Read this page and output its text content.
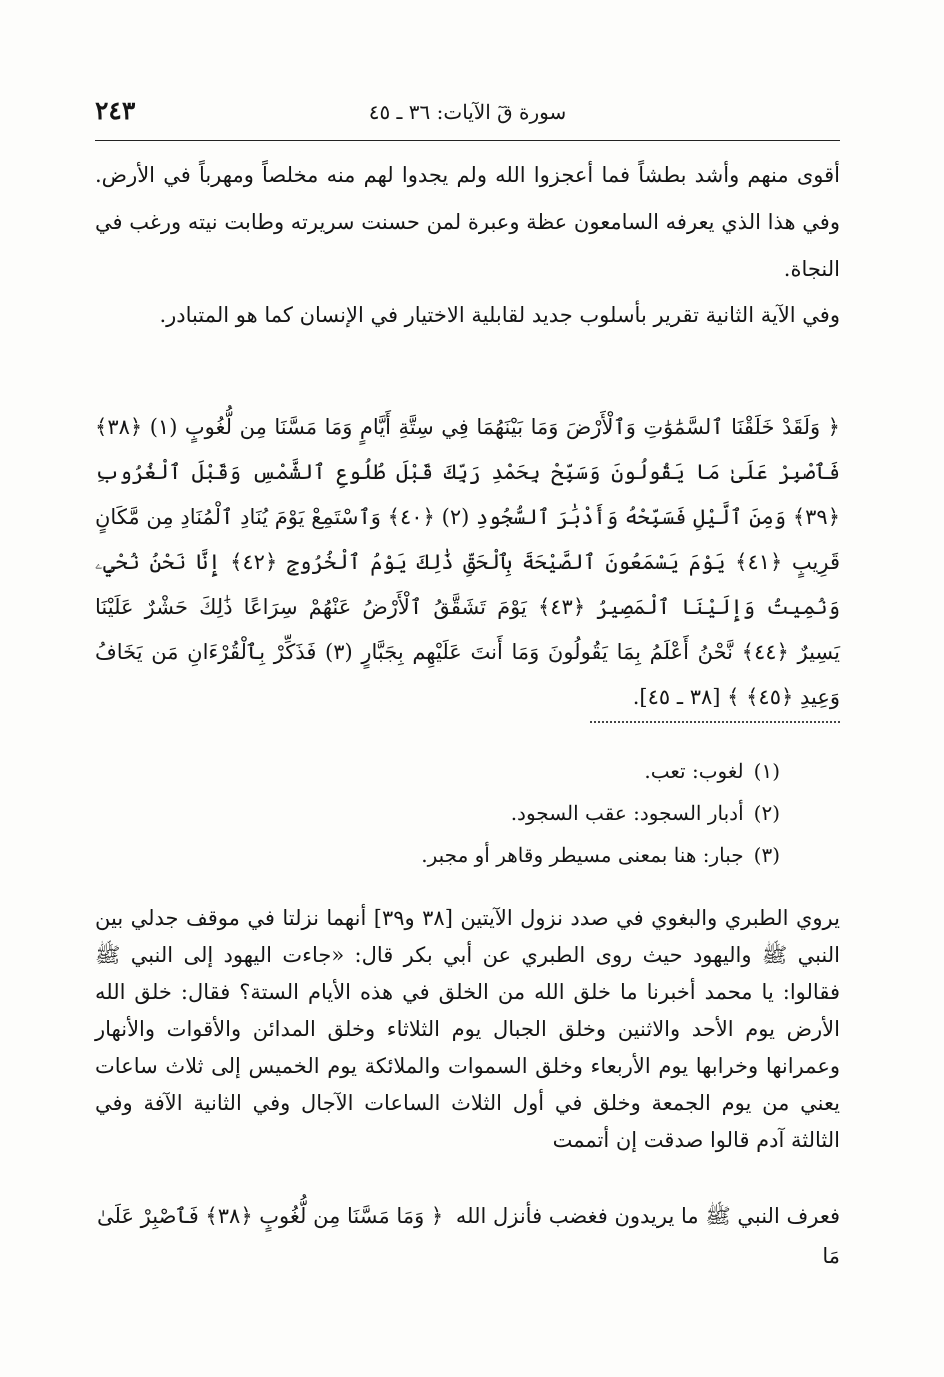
سورة قٓ الآيات: ٣٦ ـ ٤٥
٢٤٣

أقوى منهم وأشد بطشاً فما أعجزوا الله ولم يجدوا لهم منه مخلصاً ومهرباً في الأرض. وفي هذا الذي يعرفه السامعون عظة وعبرة لمن حسنت سريرته وطابت نيته ورغب في النجاة.

وفي الآية الثانية تقرير بأسلوب جديد لقابلية الاختيار في الإنسان كما هو المتبادر.

﴿ وَلَقَدْ خَلَقْنَا ٱلسَّمَٰوَٰتِ وَٱلْأَرْضَ وَمَا بَيْنَهُمَا فِي سِتَّةِ أَيَّامٍ وَمَا مَسَّنَا مِن لُّغُوبٍ (١) ﴿٣٨﴾ فَٱصْبِرْ عَلَىٰ مَا يَقُولُونَ وَسَبِّحْ بِحَمْدِ رَبِّكَ قَبْلَ طُلُوعِ ٱلشَّمْسِ وَقَبْلَ ٱلْغُرُوبِ ﴿٣٩﴾ وَمِنَ ٱلَّيْلِ فَسَبِّحْهُ وَأَدْبَٰرَ ٱلسُّجُودِ (٢) ﴿٤٠﴾ وَٱسْتَمِعْ يَوْمَ يُنَادِ ٱلْمُنَادِ مِن مَّكَانٍ قَرِيبٍ ﴿٤١﴾ يَوْمَ يَسْمَعُونَ ٱلصَّيْحَةَ بِٱلْحَقِّ ذَٰلِكَ يَوْمُ ٱلْخُرُوجِ ﴿٤٢﴾ إِنَّا نَحْنُ نُحْيِۦ وَنُمِيتُ وَإِلَيْنَا ٱلْمَصِيرُ ﴿٤٣﴾ يَوْمَ تَشَقَّقُ ٱلْأَرْضُ عَنْهُمْ سِرَاعًا ذَٰلِكَ حَشْرٌ عَلَيْنَا يَسِيرٌ ﴿٤٤﴾ نَّحْنُ أَعْلَمُ بِمَا يَقُولُونَ وَمَا أَنتَ عَلَيْهِم بِجَبَّارٍ (٣) فَذَكِّرْ بِٱلْقُرْءَانِ مَن يَخَافُ وَعِيدِ ﴿٤٥﴾ ﴾ [٣٨ ـ ٤٥].
(١)لغوب: تعب.
(٢)أدبار السجود: عقب السجود.
(٣)جبار: هنا بمعنى مسيطر وقاهر أو مجبر.

يروي الطبري والبغوي في صدد نزول الآيتين [٣٨ و٣٩] أنهما نزلتا في موقف جدلي بين النبي ﷺ واليهود حيث روى الطبري عن أبي بكر قال: «جاءت اليهود إلى النبي ﷺ فقالوا: يا محمد أخبرنا ما خلق الله من الخلق في هذه الأيام الستة؟ فقال: خلق الله الأرض يوم الأحد والاثنين وخلق الجبال يوم الثلاثاء وخلق المدائن والأقوات والأنهار وعمرانها وخرابها يوم الأربعاء وخلق السموات والملائكة يوم الخميس إلى ثلاث ساعات يعني من يوم الجمعة وخلق في أول الثلاث الساعات الآجال وفي الثانية الآفة وفي الثالثة آدم قالوا صدقت إن أتممت

فعرف النبي ﷺ ما يريدون فغضب فأنزل الله ﴿ وَمَا مَسَّنَا مِن لُّغُوبٍ ﴿٣٨﴾ فَٱصْبِرْ عَلَىٰ مَا
